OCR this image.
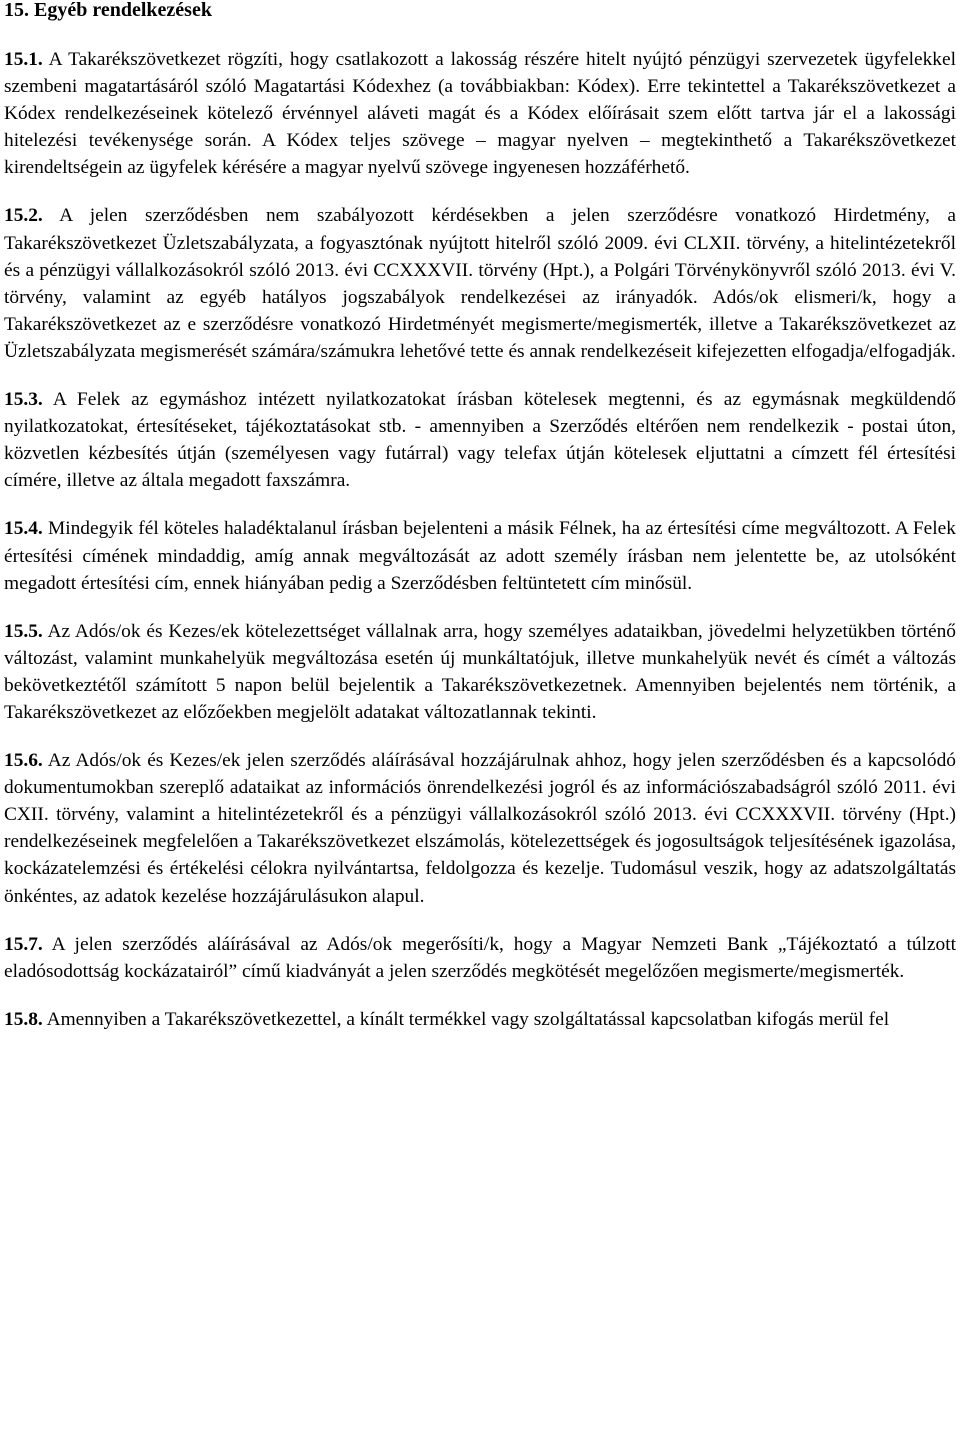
15. Egyéb rendelkezések

15.1. A Takarékszövetkezet rögzíti, hogy csatlakozott a lakosság részére hitelt nyújtó pénzügyi szervezetek ügyfelekkel szembeni magatartásáról szóló Magatartási Kódexhez (a továbbiakban: Kódex). Erre tekintettel a Takarékszövetkezet a Kódex rendelkezéseinek kötelező érvénnyel aláveti magát és a Kódex előírásait szem előtt tartva jár el a lakossági hitelezési tevékenysége során. A Kódex teljes szövege – magyar nyelven – megtekinthető a Takarékszövetkezet kirendeltségein az ügyfelek kérésére a magyar nyelvű szövege ingyenesen hozzáférhető.

15.2. A jelen szerződésben nem szabályozott kérdésekben a jelen szerződésre vonatkozó Hirdetmény, a Takarékszövetkezet Üzletszabályzata, a fogyasztónak nyújtott hitelről szóló 2009. évi CLXII. törvény, a hitelintézetekről és a pénzügyi vállalkozásokról szóló 2013. évi CCXXXVII. törvény (Hpt.), a Polgári Törvénykönyvről szóló 2013. évi V. törvény, valamint az egyéb hatályos jogszabályok rendelkezései az irányadók. Adós/ok elismeri/k, hogy a Takarékszövetkezet az e szerződésre vonatkozó Hirdetményét megismerte/megismerték, illetve a Takarékszövetkezet az Üzletszabályzata megismerését számára/számukra lehetővé tette és annak rendelkezéseit kifejezetten elfogadja/elfogadják.

15.3. A Felek az egymáshoz intézett nyilatkozatokat írásban kötelesek megtenni, és az egymásnak megküldendő nyilatkozatokat, értesítéseket, tájékoztatásokat stb. - amennyiben a Szerződés eltérően nem rendelkezik - postai úton, közvetlen kézbesítés útján (személyesen vagy futárral) vagy telefax útján kötelesek eljuttatni a címzett fél értesítési címére, illetve az általa megadott faxszámra.

15.4. Mindegyik fél köteles haladéktalanul írásban bejelenteni a másik Félnek, ha az értesítési címe megváltozott. A Felek értesítési címének mindaddig, amíg annak megváltozását az adott személy írásban nem jelentette be, az utolsóként megadott értesítési cím, ennek hiányában pedig a Szerződésben feltüntetett cím minősül.

15.5. Az Adós/ok és Kezes/ek kötelezettséget vállalnak arra, hogy személyes adataikban, jövedelmi helyzetükben történő változást, valamint munkahelyük megváltozása esetén új munkáltatójuk, illetve munkahelyük nevét és címét a változás bekövetkeztétől számított 5 napon belül bejelentik a Takarékszövetkezetnek. Amennyiben bejelentés nem történik, a Takarékszövetkezet az előzőekben megjelölt adatakat változatlannak tekinti.

15.6. Az Adós/ok és Kezes/ek jelen szerződés aláírásával hozzájárulnak ahhoz, hogy jelen szerződésben és a kapcsolódó dokumentumokban szereplő adataikat az információs önrendelkezési jogról és az információszabadságról szóló 2011. évi CXII. törvény, valamint a hitelintézetekről és a pénzügyi vállalkozásokról szóló 2013. évi CCXXXVII. törvény (Hpt.) rendelkezéseinek megfelelően a Takarékszövetkezet elszámolás, kötelezettségek és jogosultságok teljesítésének igazolása, kockázatelemzési és értékelési célokra nyilvántartsa, feldolgozza és kezelje. Tudomásul veszik, hogy az adatszolgáltatás önkéntes, az adatok kezelése hozzájárulásukon alapul.

15.7. A jelen szerződés aláírásával az Adós/ok megerősíti/k, hogy a Magyar Nemzeti Bank „Tájékoztató a túlzott eladósodottság kockázatairól” című kiadványát a jelen szerződés megkötését megelőzően megismerte/megismerték.

15.8. Amennyiben a Takarékszövetkezettel, a kínált termékkel vagy szolgáltatással kapcsolatban kifogás merül fel
